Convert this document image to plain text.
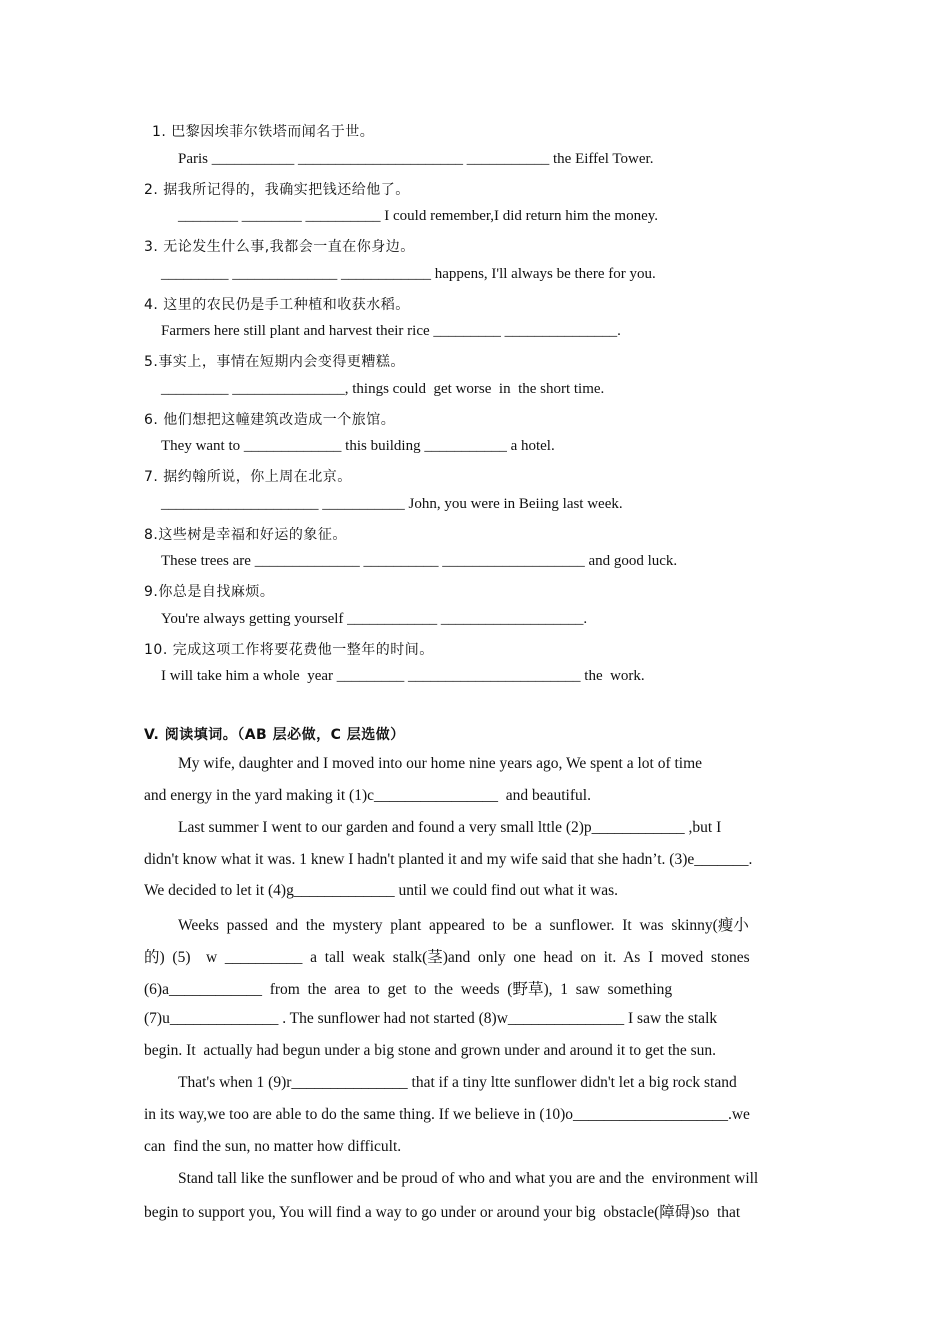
1. 巴黎因埃菲尔铁塔而闻名于世。
Paris ___________ ______________________ ___________ the Eiffel Tower.
2. 据我所记得的，我确实把钱还给他了。
________ ________ __________ I could remember,I did return him the money.
3. 无论发生什么事,我都会一直在你身边。
_________ ______________ ____________ happens, I'll always be there for you.
4. 这里的农民仍是手工种植和收获水稻。
Farmers here still plant and harvest their rice _________ _______________.
5.事实上，事情在短期内会变得更糟糕。
_________ _______________, things could  get worse  in  the short time.
6. 他们想把这幢建筑改造成一个旅馆。
They want to _____________ this building ___________ a hotel.
7. 据约翰所说，你上周在北京。
_____________________ ___________ John, you were in Beiing last week.
8.这些树是幸福和好运的象征。
These trees are ______________ __________ ___________________ and good luck.
9.你总是自找麻烦。
You're always getting yourself ____________ ___________________.
10. 完成这项工作将要花费他一整年的时间。
I will take him a whole  year _________ _______________________ the  work.
V. 阅读填词。（AB 层必做，C 层选做）
My wife, daughter and I moved into our home nine years ago, We spent a lot of time
and energy in the yard making it (1)c________________  and beautiful.
Last summer I went to our garden and found a very small lttle (2)p____________ ,but I
didn't know what it was. 1 knew I hadn't planted it and my wife said that she hadn’t. (3)e_______.
We decided to let it (4)g_____________ until we could find out what it was.
Weeks  passed  and  the  mystery  plant  appeared  to  be  a  sunflower.  It  was  skinny(瘦小
的)  (5)    w  __________  a  tall  weak  stalk(茎)and  only  one  head  on  it.  As  I  moved  stones
(6)a____________  from  the  area  to  get  to  the  weeds  (野草),  1  saw  something
(7)u______________ . The sunflower had not started (8)w_______________ I saw the stalk
begin. It  actually had begun under a big stone and grown under and around it to get the sun.
That's when 1 (9)r_______________ that if a tiny ltte sunflower didn't let a big rock stand
in its way,we too are able to do the same thing. If we believe in (10)o____________________.we
can  find the sun, no matter how difficult.
Stand tall like the sunflower and be proud of who and what you are and the  environment will
begin to support you, You will find a way to go under or around your big  obstacle(障碍)so  that
